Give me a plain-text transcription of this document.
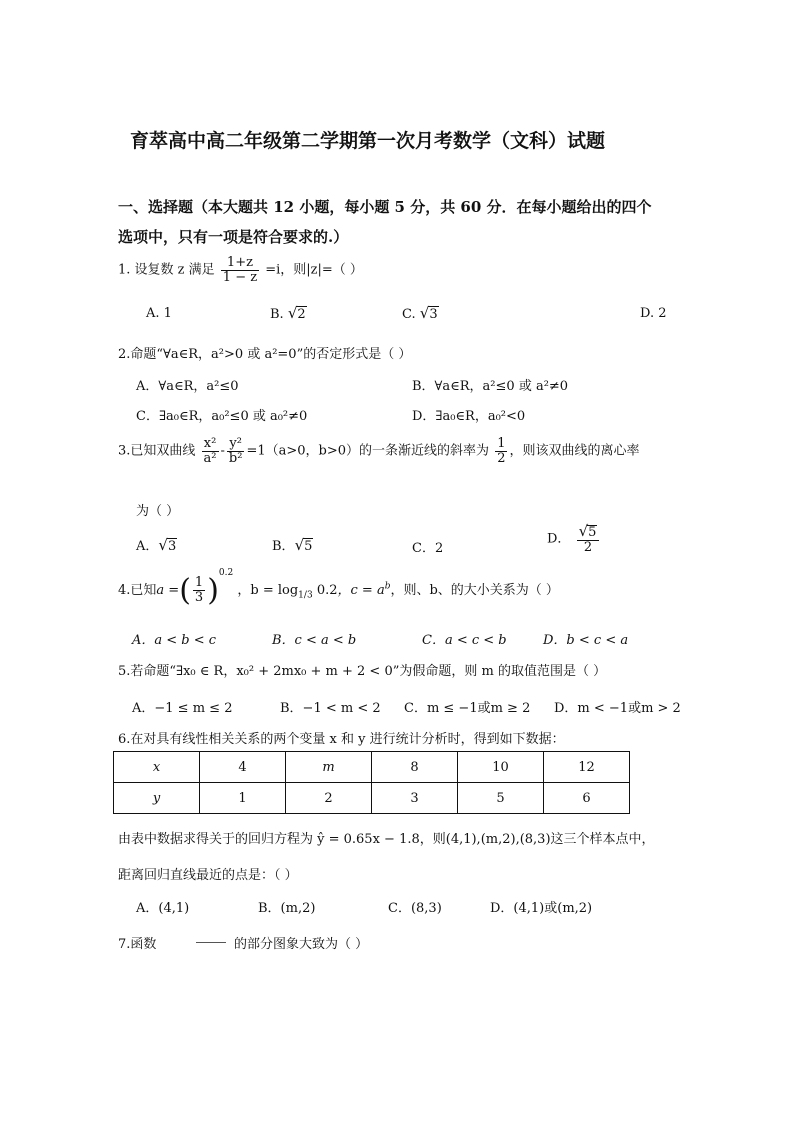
育萃高中高二年级第二学期第一次月考数学（文科）试题
一、选择题（本大题共 12 小题，每小题 5 分，共 60 分．在每小题给出的四个
选项中，只有一项是符合要求的.）
1. 设复数 z 满足 $\frac{1+z}{1 - z} =i$，则|z|=（ ）
A. 1	B. √2	C. √3	D. 2
2.命题“∀a∈R，a²>0 或 a²=0”的否定形式是（ ）
A．∀a∈R，a²≤0	B．∀a∈R，a²≤0 或 a²≠0
C．∃a₀∈R，a₀²≤0 或 a₀²≠0	D．∃a₀∈R，a₀²<0
3.已知双曲线 $\frac{\text{x²}}{\text{a²}} - \frac{\text{y²}}{\text{b²}} =1(a>0$，b>0）的一条渐近线的斜率为 $\frac{1}{2}$ ，则该双曲线的离心率
为（ ）
A．√3	B．√5	C．2
D． $\frac{√5}{2}$
4.已知a =( $\frac{1}{3} )^{0.2}$ ，$b = \log_{1/3} 0.2$，$c = a^b$，则、b、的大小关系为（ ）
A．a < b < c	B．c < a < b	C．a < c < b	D．b < c < a
5.若命题“∃x₀ ∈ R，x₀² + 2mx₀ + m + 2 < 0”为假命题，则 m 的取值范围是（ ）
A．−1 ≤ m ≤ 2	B．−1 < m < 2 C．m ≤ −1或m ≥ 2 D．m < −1或m > 2
6.在对具有线性相关关系的两个变量 x 和 y 进行统计分析时，得到如下数据：
x	4	m	8	10	12
y	1	2	3	5	6
由表中数据求得关于的回归方程为 ŷ = 0.65x − 1.8，则(4,1),(m,2),(8,3)这三个样本点中，
距离回归直线最近的点是：（ ）
A．(4,1)	B．(m,2)	C．(8,3)	D．(4,1)或(m,2)
7.函数	的部分图象大致为（ ）
